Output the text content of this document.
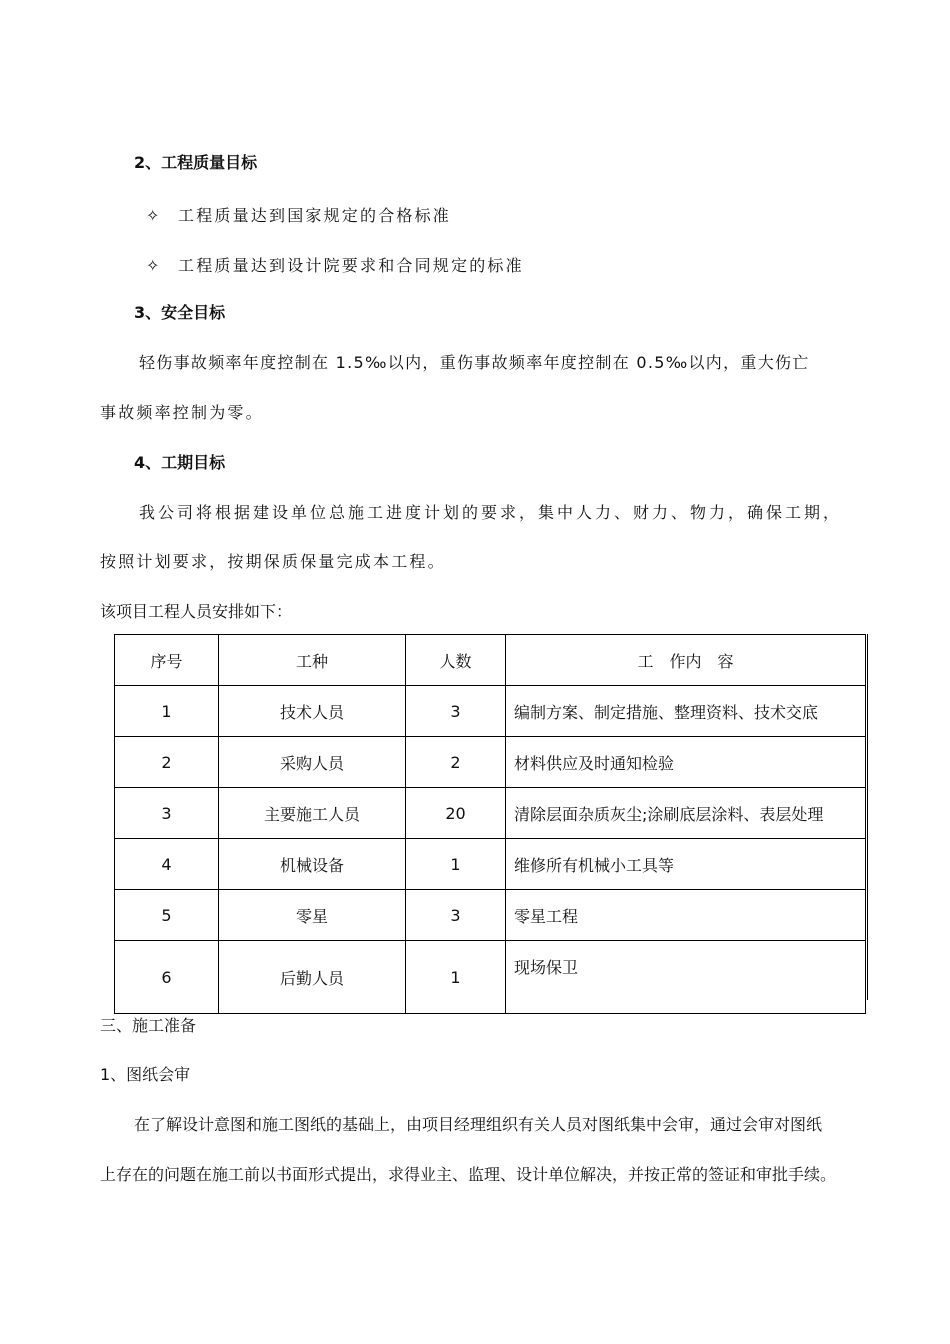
2、工程质量目标
✧ 工程质量达到国家规定的合格标准
✧ 工程质量达到设计院要求和合同规定的标准
3、安全目标
轻伤事故频率年度控制在 1.5‰以内，重伤事故频率年度控制在 0.5‰以内，重大伤亡
事故频率控制为零。
4、工期目标
我公司将根据建设单位总施工进度计划的要求，集中人力、财力、物力，确保工期，
按照计划要求，按期保质保量完成本工程。
该项目工程人员安排如下：
序号	工种	人数	工　作内　容
1	技术人员	3	编制方案、制定措施、整理资料、技术交底
2	采购人员	2	材料供应及时通知检验
3	主要施工人员	20	清除层面杂质灰尘;涂刷底层涂料、表层处理
4	机械设备	1	维修所有机械小工具等
5	零星	3	零星工程
6	后勤人员	1	现场保卫
三、施工准备
1、图纸会审
在了解设计意图和施工图纸的基础上，由项目经理组织有关人员对图纸集中会审，通过会审对图纸
上存在的问题在施工前以书面形式提出，求得业主、监理、设计单位解决，并按正常的签证和审批手续。
